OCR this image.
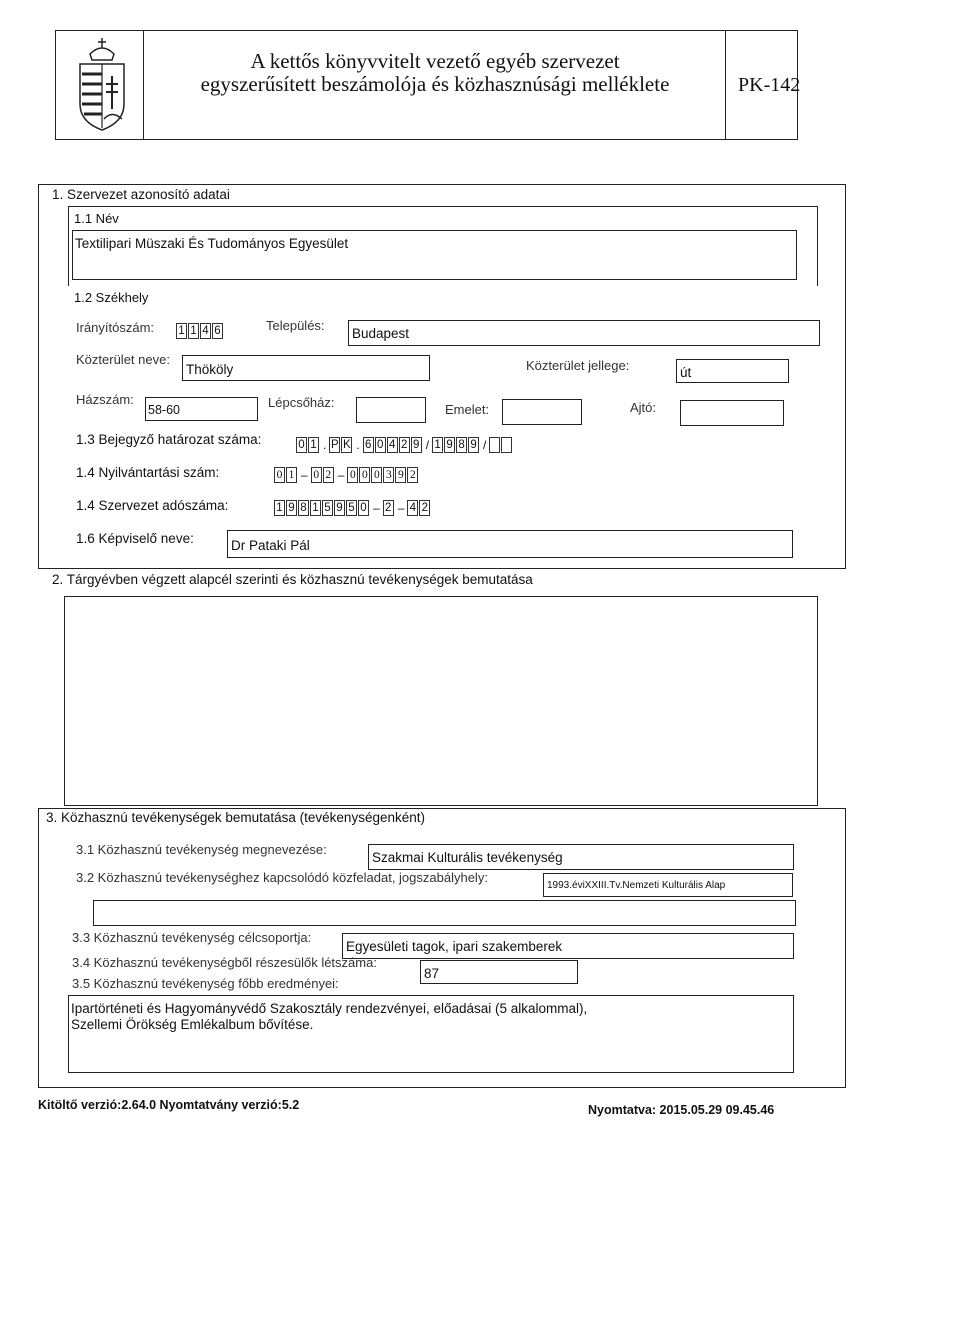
A kettős könyvvitelt vezető egyéb szervezet
egyszerűsített beszámolója és közhasznúsági melléklete	PK-142
1. Szervezet azonosító adatai
1.1 Név
Textilipari Müszaki És Tudományos Egyesület
1.2 Székhely
Irányítószám: 1 1 4 6	Település:
Budapest
Közterület neve:
Thököly	Közterület jellege:	út
Házszám:
58-60	Lépcsőház:	Emelet:	Ajtó:
1.3 Bejegyző határozat száma:	0 1 . P K . 6 0 4 2 9 / 1 9 8 9 /
1.4 Nyilvántartási szám:	0 1 – 0 2 – 0 0 0 3 9 2
1.4 Szervezet adószáma:	1 9 8 1 5 9 5 0 – 2 – 4 2
1.6 Képviselő neve:	Dr Pataki Pál
2. Tárgyévben végzett alapcél szerinti és közhasznú tevékenységek bemutatása
3. Közhasznú tevékenységek bemutatása (tevékenységenként)
3.1 Közhasznú tevékenység megnevezése:
Szakmai Kulturális tevékenység
3.2 Közhasznú tevékenységhez kapcsolódó közfeladat, jogszabályhely:
1993.éviXXIII.Tv.Nemzeti Kulturális Alap
3.3 Közhasznú tevékenység célcsoportja:
Egyesületi tagok, ipari szakemberek
3.4 Közhasznú tevékenységből részesülők létszáma:
87
3.5 Közhasznú tevékenység főbb eredményei:
Ipartörténeti és Hagyományvédő Szakosztály rendezvényei, előadásai (5 alkalommal),
Szellemi Örökség Emlékalbum bővítése.
Kitöltő verzió:2.64.0 Nyomtatvány verzió:5.2	Nyomtatva: 2015.05.29 09.45.46
